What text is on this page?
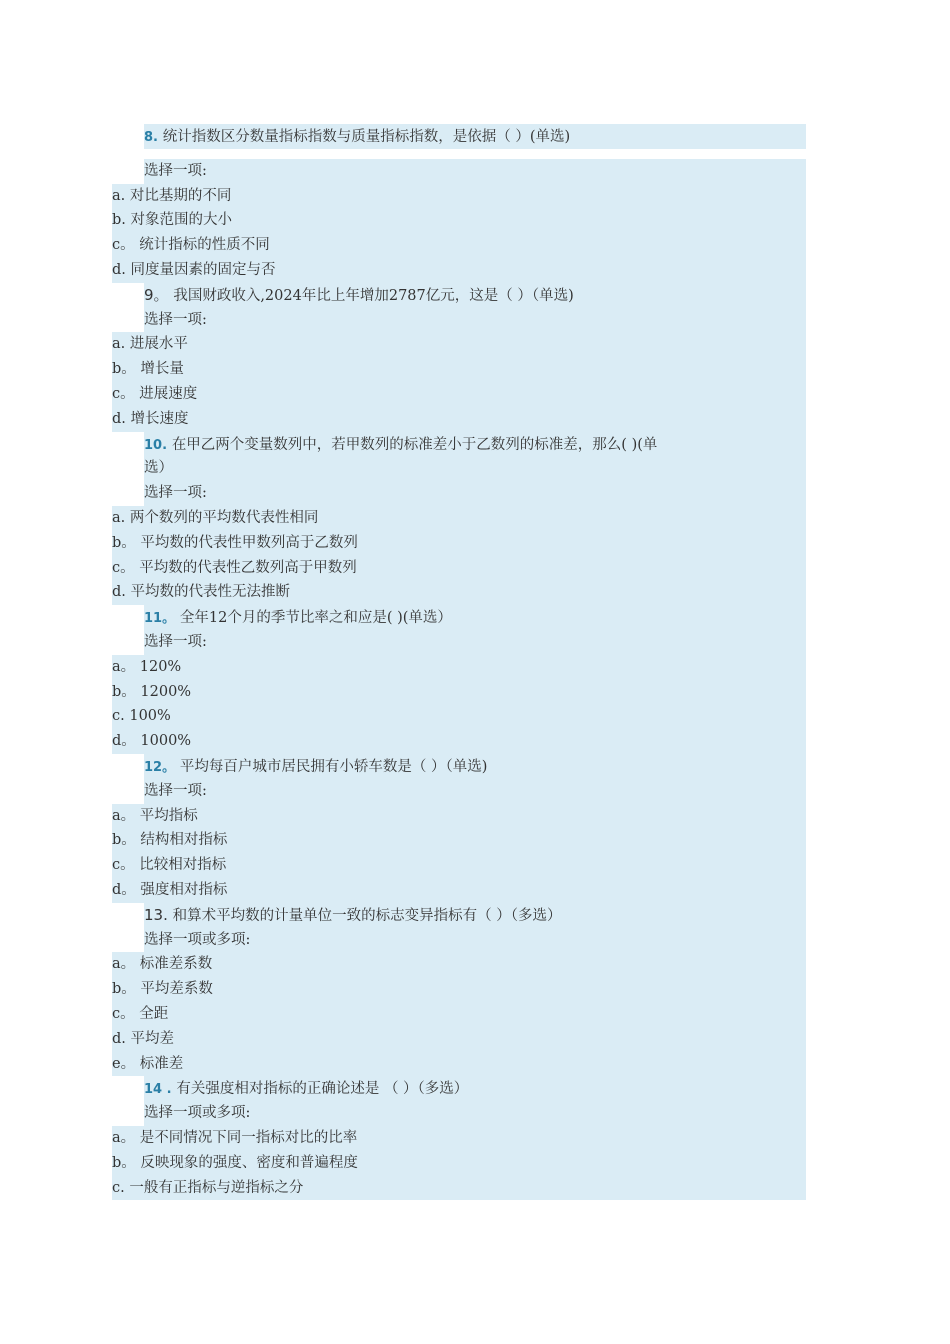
8. 统计指数区分数量指标指数与质量指标指数，是依据（ ）(单选)
选择一项:
a. 对比基期的不同
b. 对象范围的大小
c。 统计指标的性质不同
d. 同度量因素的固定与否
9。 我国财政收入,2024年比上年增加2787亿元，这是（ ）（单选)
选择一项:
a. 进展水平
b。 增长量
c。 进展速度
d. 增长速度
10. 在甲乙两个变量数列中，若甲数列的标准差小于乙数列的标准差，那么( )(单
选）
选择一项:
a. 两个数列的平均数代表性相同
b。 平均数的代表性甲数列高于乙数列
c。 平均数的代表性乙数列高于甲数列
d. 平均数的代表性无法推断
11。 全年12个月的季节比率之和应是( )(单选）
选择一项:
a。 120%
b。 1200%
c. 100%
d。 1000%
12。 平均每百户城市居民拥有小轿车数是（ ）（单选)
选择一项:
a。 平均指标
b。 结构相对指标
c。 比较相对指标
d。 强度相对指标
13. 和算术平均数的计量单位一致的标志变异指标有（ ）（多选）
选择一项或多项:
a。 标准差系数
b。 平均差系数
c。 全距
d. 平均差
e。 标准差
14 . 有关强度相对指标的正确论述是 （ ）（多选）
选择一项或多项:
a。 是不同情况下同一指标对比的比率
b。 反映现象的强度、密度和普遍程度
c. 一般有正指标与逆指标之分
